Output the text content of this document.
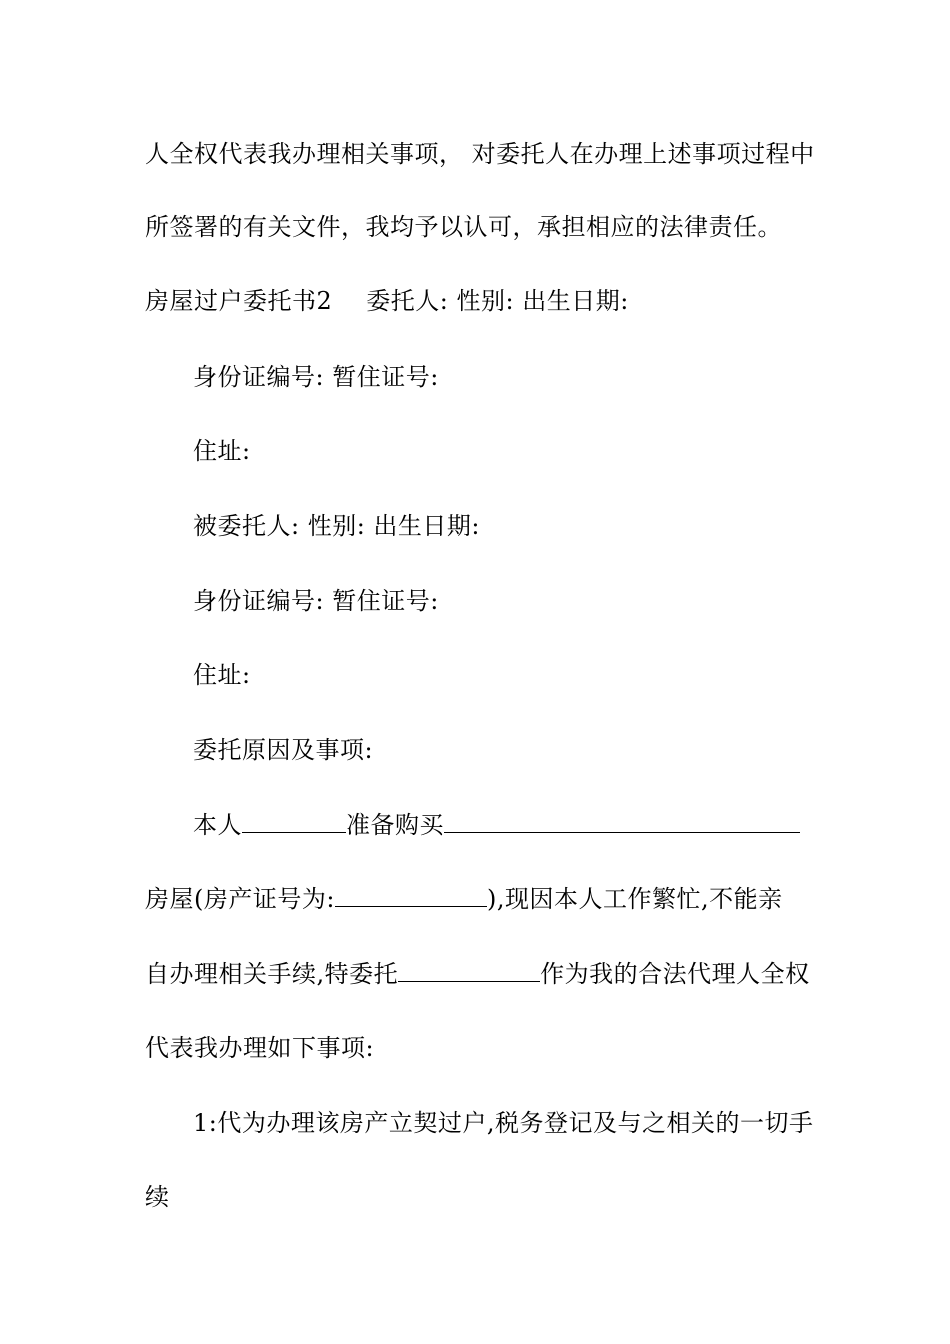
人全权代表我办理相关事项， 对委托人在办理上述事项过程中
所签署的有关文件，我均予以认可，承担相应的法律责任。
房屋过户委托书2 委托人: 性别: 出生日期:
身份证编号: 暂住证号:
住址:
被委托人: 性别: 出生日期:
身份证编号: 暂住证号:
住址:
委托原因及事项:
本人	准备购买
房屋(房产证号为:	),现因本人工作繁忙,不能亲
自办理相关手续,特委托	作为我的合法代理人全权
代表我办理如下事项:
1:代为办理该房产立契过户,税务登记及与之相关的一切手
续
